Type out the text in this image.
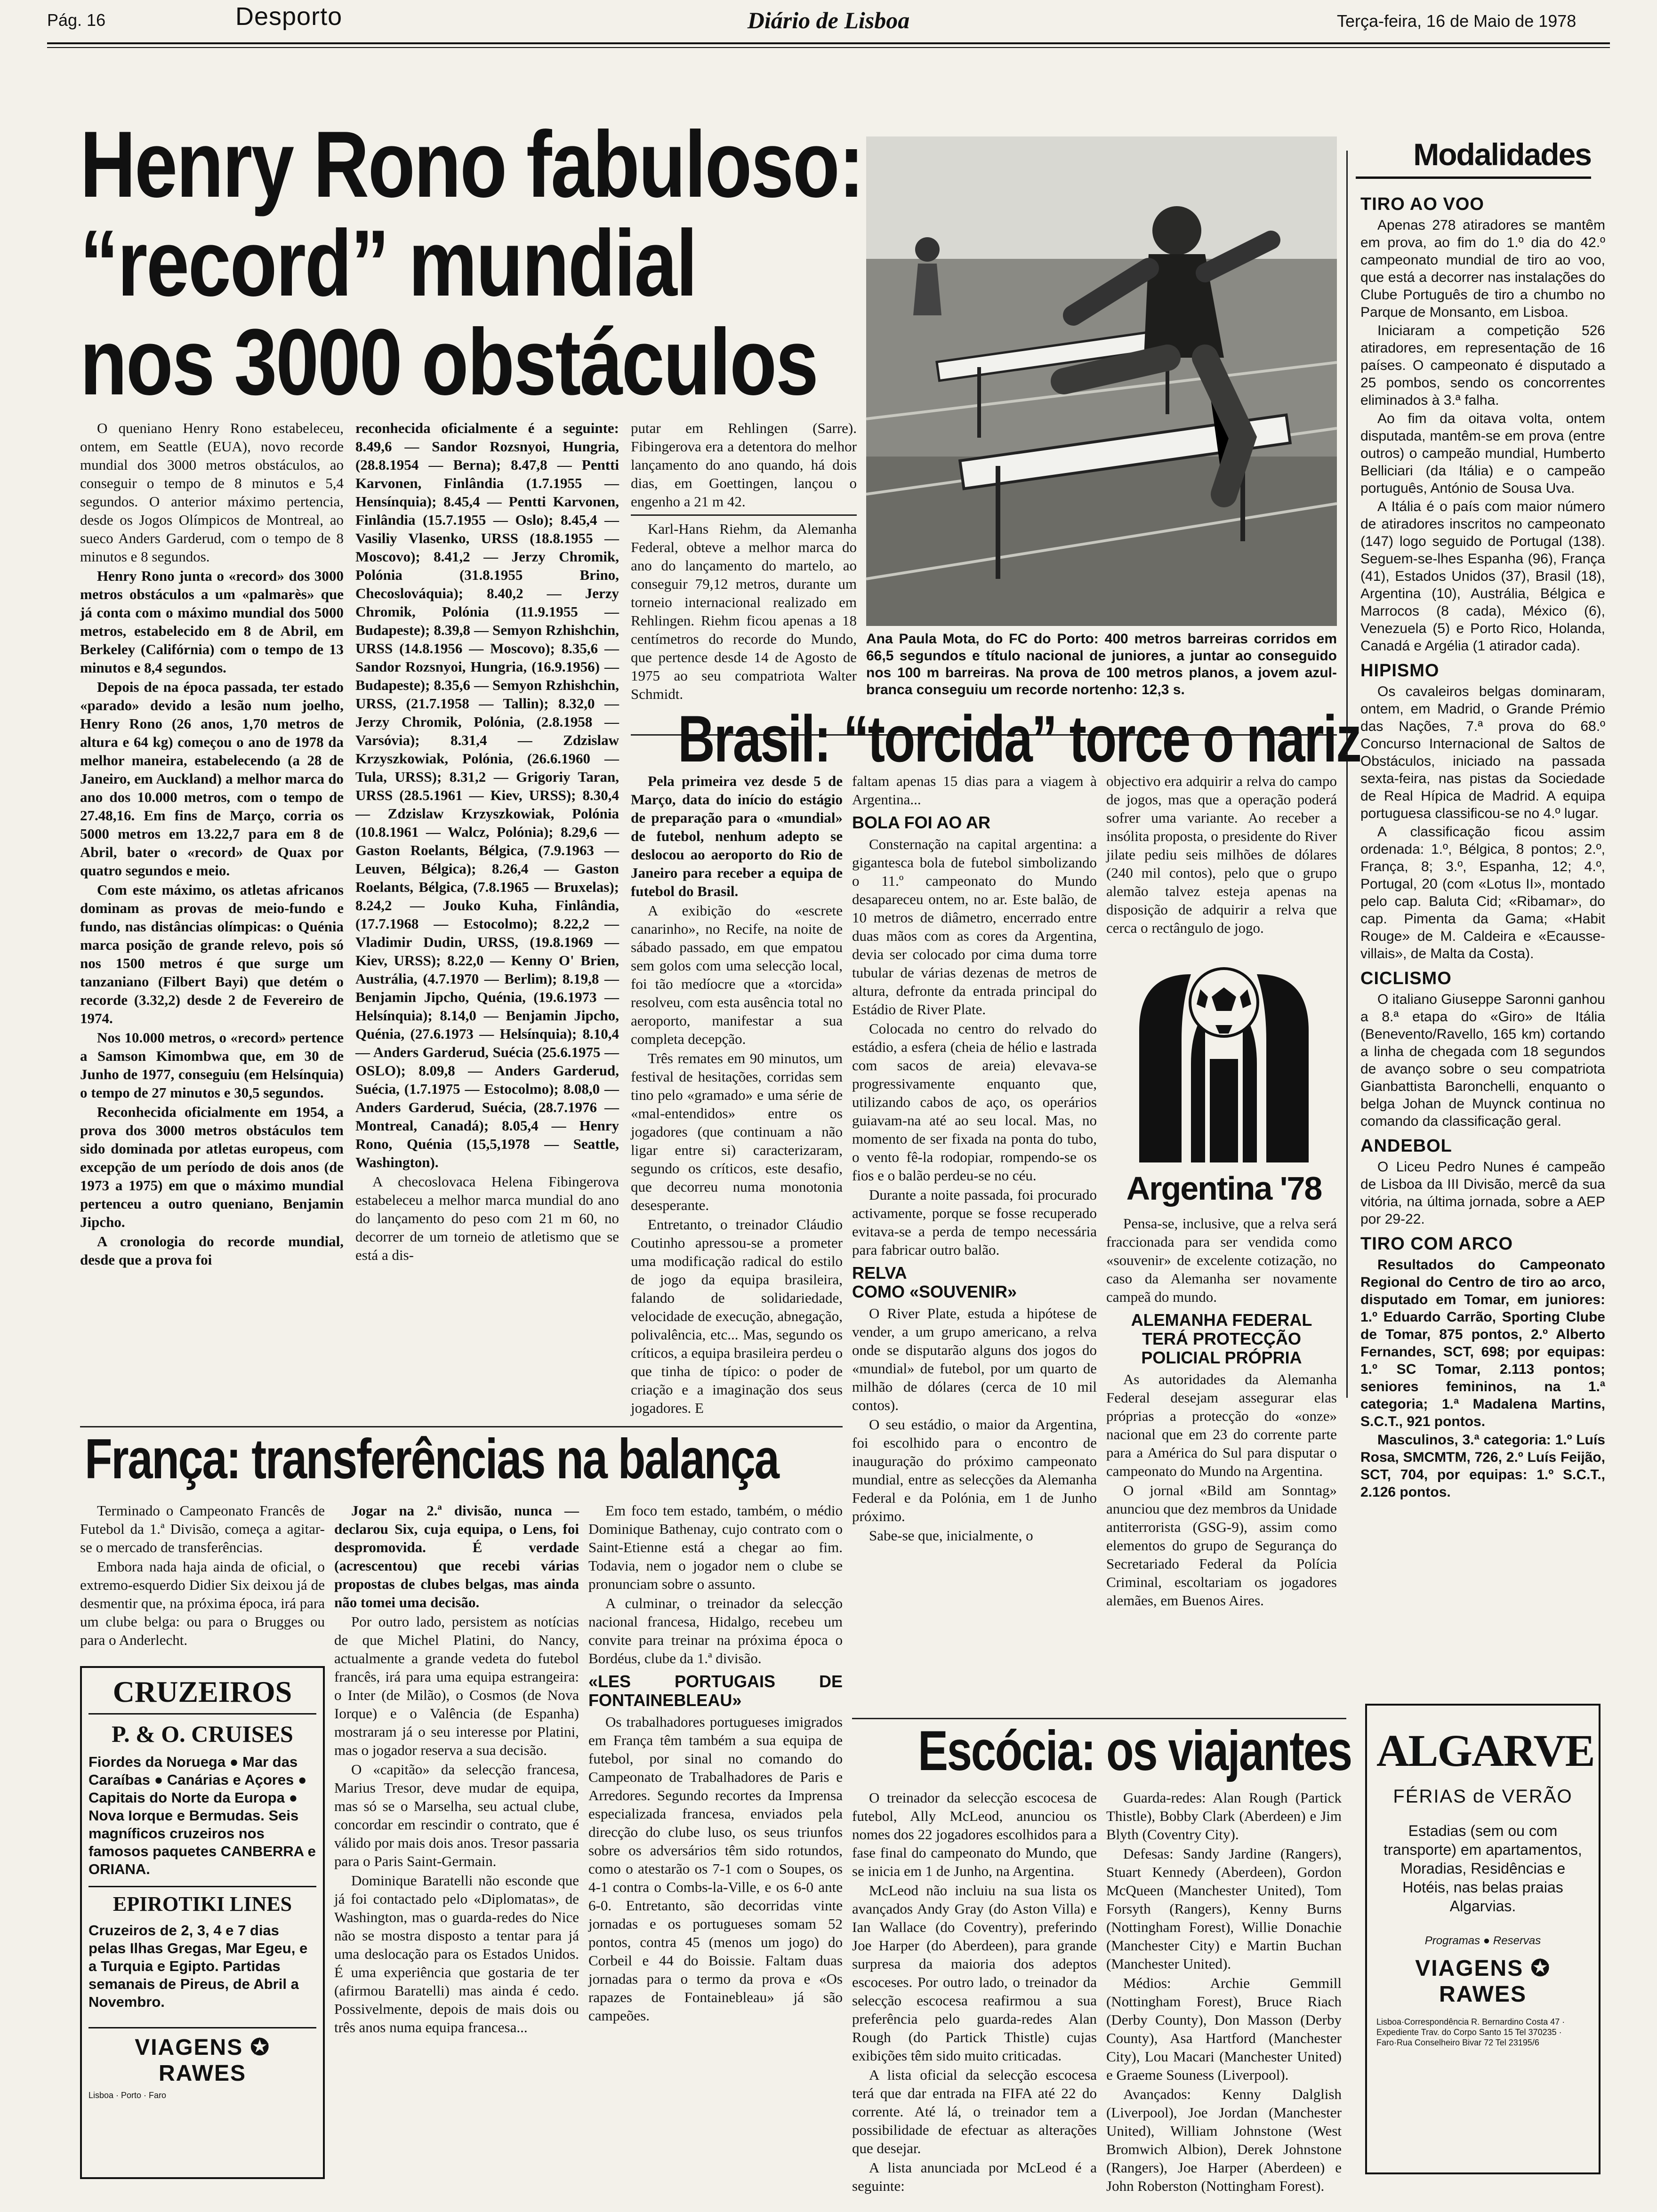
Pág. 16	Desporto	Diário de Lisboa	Terça-feira, 16 de Maio de 1978
Henry Rono fabuloso:
“record” mundial
nos 3000 obstáculos

O queniano Henry Rono estabeleceu, ontem, em Seattle (EUA), novo recorde mundial dos 3000 metros obstáculos, ao conseguir o tempo de 8 minutos e 5,4 segundos. O anterior máximo pertencia, desde os Jogos Olímpicos de Montreal, ao sueco Anders Garderud, com o tempo de 8 minutos e 8 segundos.

Henry Rono junta o «record» dos 3000 metros obstáculos a um «palmarès» que já conta com o máximo mundial dos 5000 metros, estabelecido em 8 de Abril, em Berkeley (Califórnia) com o tempo de 13 minutos e 8,4 segundos.

Depois de na época passada, ter estado «parado» devido a lesão num joelho, Henry Rono (26 anos, 1,70 metros de altura e 64 kg) começou o ano de 1978 da melhor maneira, estabelecendo (a 28 de Janeiro, em Auckland) a melhor marca do ano dos 10.000 metros, com o tempo de 27.48,16. Em fins de Março, corria os 5000 metros em 13.22,7 para em 8 de Abril, bater o «record» de Quax por quatro segundos e meio.

Com este máximo, os atletas africanos dominam as provas de meio-fundo e fundo, nas distâncias olímpicas: o Quénia marca posição de grande relevo, pois só nos 1500 metros é que surge um tanzaniano (Filbert Bayi) que detém o recorde (3.32,2) desde 2 de Fevereiro de 1974.

Nos 10.000 metros, o «record» pertence a Samson Kimombwa que, em 30 de Junho de 1977, conseguiu (em Helsínquia) o tempo de 27 minutos e 30,5 segundos.

Reconhecida oficialmente em 1954, a prova dos 3000 metros obstáculos tem sido dominada por atletas europeus, com excepção de um período de dois anos (de 1973 a 1975) em que o máximo mundial pertenceu a outro queniano, Benjamin Jipcho.

A cronologia do recorde mundial, desde que a prova foi

reconhecida oficialmente é a seguinte: 8.49,6 — Sandor Rozsnyoi, Hungria, (28.8.1954 — Berna); 8.47,8 — Pentti Karvonen, Finlândia (1.7.1955 — Hensínquia); 8.45,4 — Pentti Karvonen, Finlândia (15.7.1955 — Oslo); 8.45,4 — Vasiliy Vlasenko, URSS (18.8.1955 — Moscovo); 8.41,2 — Jerzy Chromik, Polónia (31.8.1955 Brino, Checoslováquia); 8.40,2 — Jerzy Chromik, Polónia (11.9.1955 — Budapeste); 8.39,8 — Semyon Rzhishchin, URSS (14.8.1956 — Moscovo); 8.35,6 — Sandor Rozsnyoi, Hungria, (16.9.1956) — Budapeste); 8.35,6 — Semyon Rzhishchin, URSS, (21.7.1958 — Tallin); 8.32,0 — Jerzy Chromik, Polónia, (2.8.1958 — Varsóvia); 8.31,4 — Zdzislaw Krzyszkowiak, Polónia, (26.6.1960 — Tula, URSS); 8.31,2 — Grigoriy Taran, URSS (28.5.1961 — Kiev, URSS); 8.30,4 — Zdzislaw Krzyszkowiak, Polónia (10.8.1961 — Walcz, Polónia); 8.29,6 — Gaston Roelants, Bélgica, (7.9.1963 — Leuven, Bélgica); 8.26,4 — Gaston Roelants, Bélgica, (7.8.1965 — Bruxelas); 8.24,2 — Jouko Kuha, Finlândia, (17.7.1968 — Estocolmo); 8.22,2 — Vladimir Dudin, URSS, (19.8.1969 — Kiev, URSS); 8.22,0 — Kenny O' Brien, Austrália, (4.7.1970 — Berlim); 8.19,8 — Benjamin Jipcho, Quénia, (19.6.1973 — Helsínquia); 8.14,0 — Benjamin Jipcho, Quénia, (27.6.1973 — Helsínquia); 8.10,4 — Anders Garderud, Suécia (25.6.1975 — OSLO); 8.09,8 — Anders Garderud, Suécia, (1.7.1975 — Estocolmo); 8.08,0 — Anders Garderud, Suécia, (28.7.1976 — Montreal, Canadá); 8.05,4 — Henry Rono, Quénia (15,5,1978 — Seattle, Washington).

A checoslovaca Helena Fibingerova estabeleceu a melhor marca mundial do ano do lançamento do peso com 21 m 60, no decorrer de um torneio de atletismo que se está a dis-

putar em Rehlingen (Sarre). Fibingerova era a detentora do melhor lançamento do ano quando, há dois dias, em Goettingen, lançou o engenho a 21 m 42.

Karl-Hans Riehm, da Alemanha Federal, obteve a melhor marca do ano do lançamento do martelo, ao conseguir 79,12 metros, durante um torneio internacional realizado em Rehlingen. Riehm ficou apenas a 18 centímetros do recorde do Mundo, que pertence desde 14 de Agosto de 1975 ao seu compatriota Walter Schmidt.

Ana Paula Mota, do FC do Porto: 400 metros barreiras corridos em 66,5 segundos e título nacional de juniores, a juntar ao conseguido nos 100 m barreiras. Na prova de 100 metros planos, a jovem azul-branca conseguiu um recorde nortenho: 12,3 s.
Modalidades
TIRO AO VOO

Apenas 278 atiradores se mantêm em prova, ao fim do 1.º dia do 42.º campeonato mundial de tiro ao voo, que está a decorrer nas instalações do Clube Português de tiro a chumbo no Parque de Monsanto, em Lisboa.

Iniciaram a competição 526 atiradores, em representação de 16 países. O campeonato é disputado a 25 pombos, sendo os concorrentes eliminados à 3.ª falha.

Ao fim da oitava volta, ontem disputada, mantêm-se em prova (entre outros) o campeão mundial, Humberto Belliciari (da Itália) e o campeão português, António de Sousa Uva.

A Itália é o país com maior número de atiradores inscritos no campeonato (147) logo seguido de Portugal (138). Seguem-se-lhes Espanha (96), França (41), Estados Unidos (37), Brasil (18), Argentina (10), Austrália, Bélgica e Marrocos (8 cada), México (6), Venezuela (5) e Porto Rico, Holanda, Canadá e Argélia (1 atirador cada).

HIPISMO

Os cavaleiros belgas dominaram, ontem, em Madrid, o Grande Prémio das Nações, 7.ª prova do 68.º Concurso Internacional de Saltos de Obstáculos, iniciado na passada sexta-feira, nas pistas da Sociedade de Real Hípica de Madrid. A equipa portuguesa classificou-se no 4.º lugar.

A classificação ficou assim ordenada: 1.º, Bélgica, 8 pontos; 2.º, França, 8; 3.º, Espanha, 12; 4.º, Portugal, 20 (com «Lotus II», montado pelo cap. Baluta Cid; «Ribamar», do cap. Pimenta da Gama; «Habit Rouge» de M. Caldeira e «Ecausse-villais», de Malta da Costa).

CICLISMO

O italiano Giuseppe Saronni ganhou a 8.ª etapa do «Giro» de Itália (Benevento/Ravello, 165 km) cortando a linha de chegada com 18 segundos de avanço sobre o seu compatriota Gianbattista Baronchelli, enquanto o belga Johan de Muynck continua no comando da classificação geral.

ANDEBOL

O Liceu Pedro Nunes é campeão de Lisboa da III Divisão, mercê da sua vitória, na última jornada, sobre a AEP por 29-22.

TIRO COM ARCO

Resultados do Campeonato Regional do Centro de tiro ao arco, disputado em Tomar, em juniores: 1.º Eduardo Carrão, Sporting Clube de Tomar, 875 pontos, 2.º Alberto Fernandes, SCT, 698; por equipas: 1.º SC Tomar, 2.113 pontos; seniores femininos, na 1.ª categoria; 1.ª Madalena Martins, S.C.T., 921 pontos.

Masculinos, 3.ª categoria: 1.º Luís Rosa, SMCMTM, 726, 2.º Luís Feijão, SCT, 704, por equipas: 1.º S.C.T., 2.126 pontos.

ALGARVE
FÉRIAS de VERÃO
Estadias (sem ou com transporte) em apartamentos, Moradias, Residências e Hotéis, nas belas praias Algarvias.
Programas ● Reservas
VIAGENS ✪ RAWES
Lisboa·Correspondência R. Bernardino Costa 47 · Expediente Trav. do Corpo Santo 15 Tel 370235 · Faro·Rua Conselheiro Bivar 72 Tel 23195/6
Brasil: “torcida” torce o nariz

Pela primeira vez desde 5 de Março, data do início do estágio de preparação para o «mundial» de futebol, nenhum adepto se deslocou ao aeroporto do Rio de Janeiro para receber a equipa de futebol do Brasil.

A exibição do «escrete canarinho», no Recife, na noite de sábado passado, em que empatou sem golos com uma selecção local, foi tão medíocre que a «torcida» resolveu, com esta ausência total no aeroporto, manifestar a sua completa decepção.

Três remates em 90 minutos, um festival de hesitações, corridas sem tino pelo «gramado» e uma série de «mal-entendidos» entre os jogadores (que continuam a não ligar entre si) caracterizaram, segundo os críticos, este desafio, que decorreu numa monotonia desesperante.

Entretanto, o treinador Cláudio Coutinho apressou-se a prometer uma modificação radical do estilo de jogo da equipa brasileira, falando de solidariedade, velocidade de execução, abnegação, polivalência, etc... Mas, segundo os críticos, a equipa brasileira perdeu o que tinha de típico: o poder de criação e a imaginação dos seus jogadores. E

faltam apenas 15 dias para a viagem à Argentina...

BOLA FOI AO AR

Consternação na capital argentina: a gigantesca bola de futebol simbolizando o 11.º campeonato do Mundo desapareceu ontem, no ar. Este balão, de 10 metros de diâmetro, encerrado entre duas mãos com as cores da Argentina, devia ser colocado por cima duma torre tubular de várias dezenas de metros de altura, defronte da entrada principal do Estádio de River Plate.

Colocada no centro do relvado do estádio, a esfera (cheia de hélio e lastrada com sacos de areia) elevava-se progressivamente enquanto que, utilizando cabos de aço, os operários guiavam-na até ao seu local. Mas, no momento de ser fixada na ponta do tubo, o vento fê-la rodopiar, rompendo-se os fios e o balão perdeu-se no céu.

Durante a noite passada, foi procurado activamente, porque se fosse recuperado evitava-se a perda de tempo necessária para fabricar outro balão.

RELVA
COMO «SOUVENIR»

O River Plate, estuda a hipótese de vender, a um grupo americano, a relva onde se disputarão alguns dos jogos do «mundial» de futebol, por um quarto de milhão de dólares (cerca de 10 mil contos).

O seu estádio, o maior da Argentina, foi escolhido para o encontro de inauguração do próximo campeonato mundial, entre as selecções da Alemanha Federal e da Polónia, em 1 de Junho próximo.

Sabe-se que, inicialmente, o

objectivo era adquirir a relva do campo de jogos, mas que a operação poderá sofrer uma variante. Ao receber a insólita proposta, o presidente do River jilate pediu seis milhões de dólares (240 mil contos), pelo que o grupo alemão talvez esteja apenas na disposição de adquirir a relva que cerca o rectângulo de jogo.

Argentina '78

Pensa-se, inclusive, que a relva será fraccionada para ser vendida como «souvenir» de excelente cotização, no caso da Alemanha ser novamente campeã do mundo.

ALEMANHA FEDERAL TERÁ PROTECÇÃO POLICIAL PRÓPRIA

As autoridades da Alemanha Federal desejam assegurar elas próprias a protecção do «onze» nacional que em 23 do corrente parte para a América do Sul para disputar o campeonato do Mundo na Argentina.

O jornal «Bild am Sonntag» anunciou que dez membros da Unidade antiterrorista (GSG-9), assim como elementos do grupo de Segurança do Secretariado Federal da Polícia Criminal, escoltariam os jogadores alemães, em Buenos Aires.

França: transferências na balança

Terminado o Campeonato Francês de Futebol da 1.ª Divisão, começa a agitar-se o mercado de transferências.

Embora nada haja ainda de oficial, o extremo-esquerdo Didier Six deixou já de desmentir que, na próxima época, irá para um clube belga: ou para o Brugges ou para o Anderlecht.

CRUZEIROS
P. & O. CRUISES
Fiordes da Noruega ● Mar das Caraíbas ● Canárias e Açores ● Capitais do Norte da Europa ● Nova Iorque e Bermudas. Seis magníficos cruzeiros nos famosos paquetes CANBERRA e ORIANA.
EPIROTIKI LINES
Cruzeiros de 2, 3, 4 e 7 dias pelas Ilhas Gregas, Mar Egeu, e a Turquia e Egipto. Partidas semanais de Pireus, de Abril a Novembro.
VIAGENS ✪ RAWES
Lisboa · Porto · Faro

Jogar na 2.ª divisão, nunca — declarou Six, cuja equipa, o Lens, foi despromovida. É verdade (acrescentou) que recebi várias propostas de clubes belgas, mas ainda não tomei uma decisão.

Por outro lado, persistem as notícias de que Michel Platini, do Nancy, actualmente a grande vedeta do futebol francês, irá para uma equipa estrangeira: o Inter (de Milão), o Cosmos (de Nova Iorque) e o Valência (de Espanha) mostraram já o seu interesse por Platini, mas o jogador reserva a sua decisão.

O «capitão» da selecção francesa, Marius Tresor, deve mudar de equipa, mas só se o Marselha, seu actual clube, concordar em rescindir o contrato, que é válido por mais dois anos. Tresor passaria para o Paris Saint-Germain.

Dominique Baratelli não esconde que já foi contactado pelo «Diplomatas», de Washington, mas o guarda-redes do Nice não se mostra disposto a tentar para já uma deslocação para os Estados Unidos. É uma experiência que gostaria de ter (afirmou Baratelli) mas ainda é cedo. Possivelmente, depois de mais dois ou três anos numa equipa francesa...

Em foco tem estado, também, o médio Dominique Bathenay, cujo contrato com o Saint-Etienne está a chegar ao fim. Todavia, nem o jogador nem o clube se pronunciam sobre o assunto.

A culminar, o treinador da selecção nacional francesa, Hidalgo, recebeu um convite para treinar na próxima época o Bordéus, clube da 1.ª divisão.

«LES PORTUGAIS DE FONTAINEBLEAU»

Os trabalhadores portugueses imigrados em França têm também a sua equipa de futebol, por sinal no comando do Campeonato de Trabalhadores de Paris e Arredores. Segundo recortes da Imprensa especializada francesa, enviados pela direcção do clube luso, os seus triunfos sobre os adversários têm sido rotundos, como o atestarão os 7-1 com o Soupes, os 4-1 contra o Combs-la-Ville, e os 6-0 ante 6-0. Entretanto, são decorridas vinte jornadas e os portugueses somam 52 pontos, contra 45 (menos um jogo) do Corbeil e 44 do Boissie. Faltam duas jornadas para o termo da prova e «Os rapazes de Fontainebleau» já são campeões.

Escócia: os viajantes

O treinador da selecção escocesa de futebol, Ally McLeod, anunciou os nomes dos 22 jogadores escolhidos para a fase final do campeonato do Mundo, que se inicia em 1 de Junho, na Argentina.

McLeod não incluiu na sua lista os avançados Andy Gray (do Aston Villa) e Ian Wallace (do Coventry), preferindo Joe Harper (do Aberdeen), para grande surpresa da maioria dos adeptos escoceses. Por outro lado, o treinador da selecção escocesa reafirmou a sua preferência pelo guarda-redes Alan Rough (do Partick Thistle) cujas exibições têm sido muito criticadas.

A lista oficial da selecção escocesa terá que dar entrada na FIFA até 22 do corrente. Até lá, o treinador tem a possibilidade de efectuar as alterações que desejar.

A lista anunciada por McLeod é a seguinte:

Guarda-redes: Alan Rough (Partick Thistle), Bobby Clark (Aberdeen) e Jim Blyth (Coventry City).

Defesas: Sandy Jardine (Rangers), Stuart Kennedy (Aberdeen), Gordon McQueen (Manchester United), Tom Forsyth (Rangers), Kenny Burns (Nottingham Forest), Willie Donachie (Manchester City) e Martin Buchan (Manchester United).

Médios: Archie Gemmill (Nottingham Forest), Bruce Riach (Derby County), Don Masson (Derby County), Asa Hartford (Manchester City), Lou Macari (Manchester United) e Graeme Souness (Liverpool).

Avançados: Kenny Dalglish (Liverpool), Joe Jordan (Manchester United), William Johnstone (West Bromwich Albion), Derek Johnstone (Rangers), Joe Harper (Aberdeen) e John Roberston (Nottingham Forest).
